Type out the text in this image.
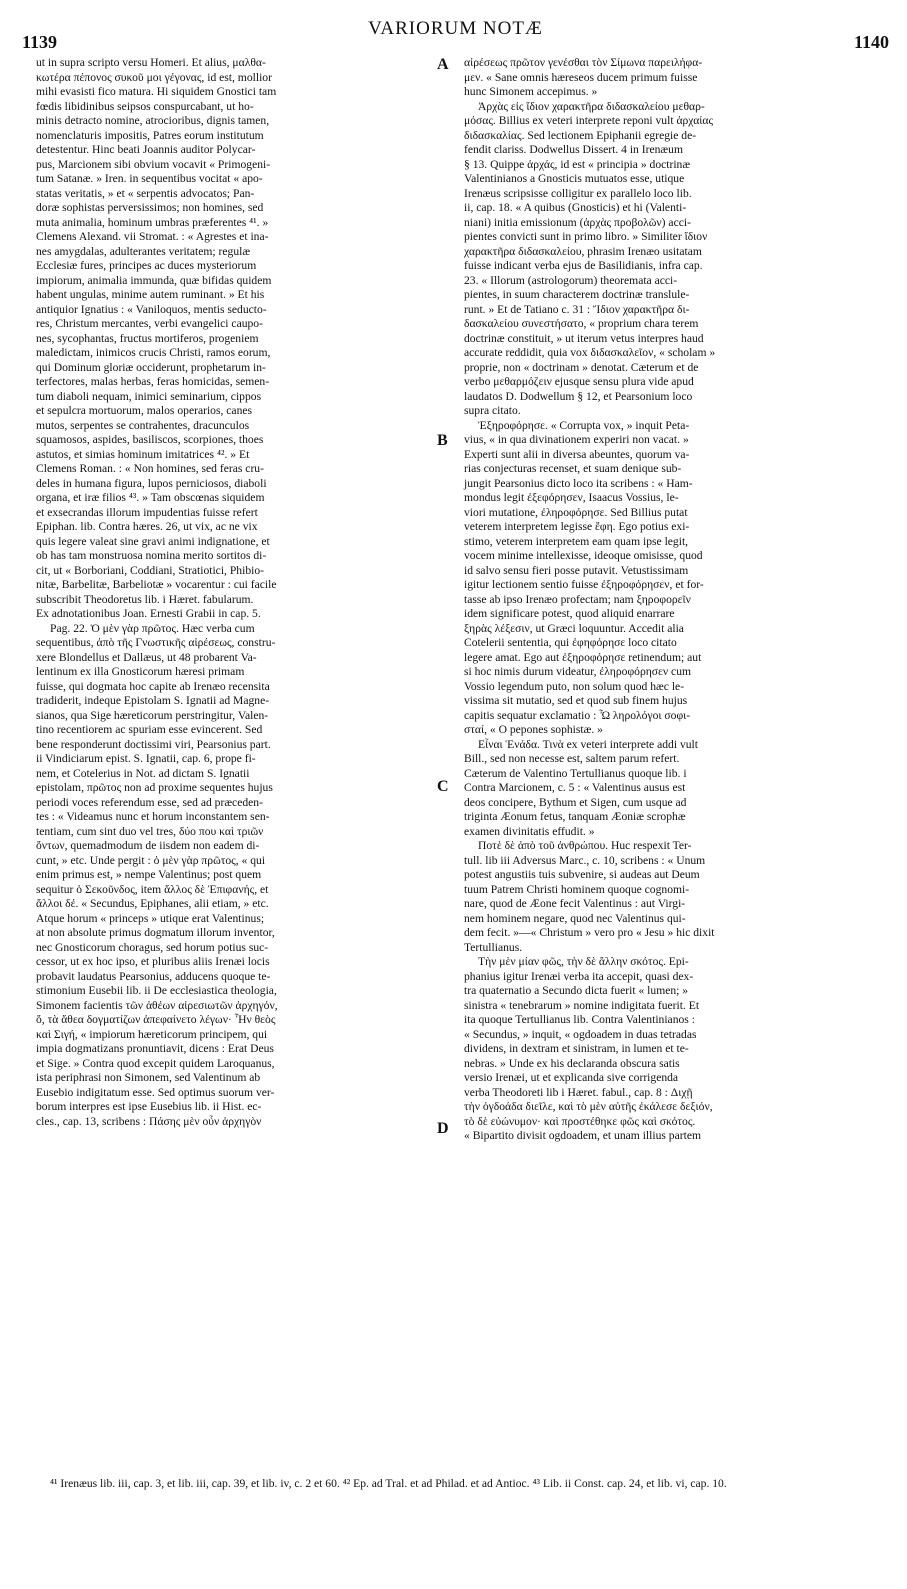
1139
VARIORUM NOTÆ
1140

ut in supra scripto versu Homeri. Et alius, μαλθα-
κωτέρα πέπονος συκοῦ μοι γέγονας, id est, mollior
mihi evasisti fico matura. Hi siquidem Gnostici tam
fœdis libidinibus seipsos conspurcabant, ut ho-
minis detracto nomine, atrocioribus, dignis tamen,
nomenclaturis impositis, Patres eorum institutum
detestentur. Hinc beati Joannis auditor Polycar-
pus, Marcionem sibi obvium vocavit « Primogeni-
tum Satanæ. » Iren. in sequentibus vocitat « apo-
statas veritatis, » et « serpentis advocatos; Pan-
doræ sophistas perversissimos; non homines, sed
muta animalia, hominum umbras præferentes ⁴¹. »
Clemens Alexand. vii Stromat. : « Agrestes et ina-
nes amygdalas, adulterantes veritatem; regulæ
Ecclesiæ fures, principes ac duces mysteriorum
impiorum, animalia immunda, quæ bifidas quidem
habent ungulas, minime autem ruminant. » Et his
antiquior Ignatius : « Vaniloquos, mentis seducto-
res, Christum mercantes, verbi evangelici caupo-
nes, sycophantas, fructus mortiferos, progeniem
maledictam, inimicos crucis Christi, ramos eorum,
qui Dominum gloriæ occiderunt, prophetarum in-
terfectores, malas herbas, feras homicidas, semen-
tum diaboli nequam, inimici seminarium, cippos
et sepulcra mortuorum, malos operarios, canes
mutos, serpentes se contrahentes, dracunculos
squamosos, aspides, basiliscos, scorpiones, thoes
astutos, et simias hominum imitatrices ⁴². » Et
Clemens Roman. : « Non homines, sed feras cru-
deles in humana figura, lupos perniciosos, diaboli
organa, et iræ filios ⁴³. » Tam obscœnas siquidem
et exsecrandas illorum impudentias fuisse refert
Epiphan. lib. Contra hæres. 26, ut vix, ac ne vix
quis legere valeat sine gravi animi indignatione, et
ob has tam monstruosa nomina merito sortitos di-
cit, ut « Borboriani, Coddiani, Stratiotici, Phibio-
nitæ, Barbelitæ, Barbeliotæ » vocarentur : cui facile
subscribit Theodoretus lib. i Hæret. fabularum.
Ex adnotationibus Joan. Ernesti Grabii in cap. 5.

Pag. 22. Ὁ μὲν γὰρ πρῶτος. Hæc verba cum
sequentibus, ἀπὸ τῆς Γνωστικῆς αἱρέσεως, constru-
xere Blondellus et Dallæus, ut 48 probarent Va-
lentinum ex illa Gnosticorum hæresi primam
fuisse, qui dogmata hoc capite ab Irenæo recensita
tradiderit, indeque Epistolam S. Ignatii ad Magne-
sianos, qua Sige hæreticorum perstringitur, Valen-
tino recentiorem ac spuriam esse evincerent. Sed
bene responderunt doctissimi viri, Pearsonius part.
ii Vindiciarum epist. S. Ignatii, cap. 6, prope fi-
nem, et Cotelerius in Not. ad dictam S. Ignatii
epistolam, πρῶτος non ad proxime sequentes hujus
periodi voces referendum esse, sed ad præceden-
tes : « Videamus nunc et horum inconstantem sen-
tentiam, cum sint duo vel tres, δύο που καὶ τριῶν
ὄντων, quemadmodum de iisdem non eadem di-
cunt, » etc. Unde pergit : ὁ μὲν γὰρ πρῶτος, « qui
enim primus est, » nempe Valentinus; post quem
sequitur ὁ Σεκοῦνδος, item ἄλλος δὲ Ἐπιφανής, et
ἄλλοι δέ. « Secundus, Epiphanes, alii etiam, » etc.
Atque horum « princeps » utique erat Valentinus;
at non absolute primus dogmatum illorum inventor,
nec Gnosticorum choragus, sed horum potius suc-
cessor, ut ex hoc ipso, et pluribus aliis Irenæi locis
probavit laudatus Pearsonius, adducens quoque te-
stimonium Eusebii lib. ii De ecclesiastica theologia,
Simonem facientis τῶν ἀθέων αἱρεσιωτῶν ἀρχηγόν,
ὅ, τὰ ἄθεα δογματίζων ἀπεφαίνετο λέγων· Ἦν θεὸς
καὶ Σιγή, « impiorum hæreticorum principem, qui
impia dogmatizans pronuntiavit, dicens : Erat Deus
et Sige. » Contra quod excepit quidem Laroquanus,
ista periphrasi non Simonem, sed Valentinum ab
Eusebio indigitatum esse. Sed optimus suorum ver-
borum interpres est ipse Eusebius lib. ii Hist. ec-
cles., cap. 13, scribens : Πάσης μὲν οὖν ἀρχηγὸν

A
B
C
D

αἱρέσεως πρῶτον γενέσθαι τὸν Σίμωνα παρειλήφα-
μεν. « Sane omnis hæreseos ducem primum fuisse
hunc Simonem accepimus. »

Ἀρχὰς εἰς ἴδιον χαρακτῆρα διδασκαλείου μεθαρ-
μόσας. Billius ex veteri interprete reponi vult ἀρχαίας
διδασκαλίας. Sed lectionem Epiphanii egregie de-
fendit clariss. Dodwellus Dissert. 4 in Irenæum
§ 13. Quippe ἀρχάς, id est « principia » doctrinæ
Valentinianos a Gnosticis mutuatos esse, utique
Irenæus scripsisse colligitur ex parallelo loco lib.
ii, cap. 18. « A quibus (Gnosticis) et hi (Valenti-
niani) initia emissionum (ἀρχὰς προβολῶν) acci-
pientes convicti sunt in primo libro. » Similiter ἴδιον
χαρακτῆρα διδασκαλείου, phrasim Irenæo usitatam
fuisse indicant verba ejus de Basilidianis, infra cap.
23. « Illorum (astrologorum) theoremata acci-
pientes, in suum characterem doctrinæ translule-
runt. » Et de Tatiano c. 31 : Ἴδιον χαρακτῆρα δι-
δασκαλείου συνεστήσατο, « proprium chara terem
doctrinæ constituit, » ut iterum vetus interpres haud
accurate reddidit, quia vox διδασκαλεῖον, « scholam »
proprie, non « doctrinam » denotat. Cæterum et de
verbo μεθαρμόζειν ejusque sensu plura vide apud
laudatos D. Dodwellum § 12, et Pearsonium loco
supra citato.

Ἐξηροφόρησε. « Corrupta vox, » inquit Peta-
vius, « in qua divinationem experiri non vacat. »
Experti sunt alii in diversa abeuntes, quorum va-
rias conjecturas recenset, et suam denique sub-
jungit Pearsonius dicto loco ita scribens : « Ham-
mondus legit ἐξεφόρησεν, Isaacus Vossius, le-
viori mutatione, ἐληροφόρησε. Sed Billius putat
veterem interpretem legisse ἔφη. Ego potius exi-
stimo, veterem interpretem eam quam ipse legit,
vocem minime intellexisse, ideoque omisisse, quod
id salvo sensu fieri posse putavit. Vetustissimam
igitur lectionem sentio fuisse ἐξηροφόρησεν, et for-
tasse ab ipso Irenæo profectam; nam ξηροφορεῖν
idem significare potest, quod aliquid enarrare
ξηρὰς λέξεσιν, ut Græci loquuntur. Accedit alia
Cotelerii sententia, qui ἐφηφόρησε loco citato
legere amat. Ego aut ἐξηροφόρησε retinendum; aut
si hoc nimis durum videatur, ἐληροφόρησεν cum
Vossio legendum puto, non solum quod hæc le-
vissima sit mutatio, sed et quod sub finem hujus
capitis sequatur exclamatio : Ὦ ληρολόγοι σοφι-
σταί, « O pepones sophistæ. »

Εἶναι Ἑνάδα. Τινὰ ex veteri interprete addi vult
Bill., sed non necesse est, saltem parum refert.
Cæterum de Valentino Tertullianus quoque lib. i
Contra Marcionem, c. 5 : « Valentinus ausus est
deos concipere, Bythum et Sigen, cum usque ad
triginta Æonum fetus, tanquam Æoniæ scrophæ
examen divinitatis effudit. »

Ποτὲ δὲ ἀπὸ τοῦ ἀνθρώπου. Huc respexit Ter-
tull. lib iii Adversus Marc., c. 10, scribens : « Unum
potest angustiis tuis subvenire, si audeas aut Deum
tuum Patrem Christi hominem quoque cognomi-
nare, quod de Æone fecit Valentinus : aut Virgi-
nem hominem negare, quod nec Valentinus qui-
dem fecit. »—« Christum » vero pro « Jesu » hic dixit
Tertullianus.

Τὴν μὲν μίαν φῶς, τὴν δὲ ἄλλην σκότος. Epi-
phanius igitur Irenæi verba ita accepit, quasi dex-
tra quaternatio a Secundo dicta fuerit « lumen; »
sinistra « tenebrarum » nomine indigitata fuerit. Et
ita quoque Tertullianus lib. Contra Valentinianos :
« Secundus, » inquit, « ogdoadem in duas tetradas
dividens, in dextram et sinistram, in lumen et te-
nebras. » Unde ex his declaranda obscura satis
versio Irenæi, ut et explicanda sive corrigenda
verba Theodoreti lib i Hæret. fabul., cap. 8 : Διχῇ
τὴν ὀγδοάδα διεῖλε, καὶ τὸ μὲν αὐτῆς ἐκάλεσε δεξιόν,
τὸ δὲ εὐώνυμον· καὶ προστέθηκε φῶς καὶ σκότος.
« Bipartito divisit ogdoadem, et unam illius partem

⁴¹ Irenæus lib. iii, cap. 3, et lib. iii, cap. 39, et lib. iv, c. 2 et 60. ⁴² Ep. ad Tral. et ad Philad. et ad Antioc. ⁴³ Lib. ii Const. cap. 24, et lib. vi, cap. 10.
